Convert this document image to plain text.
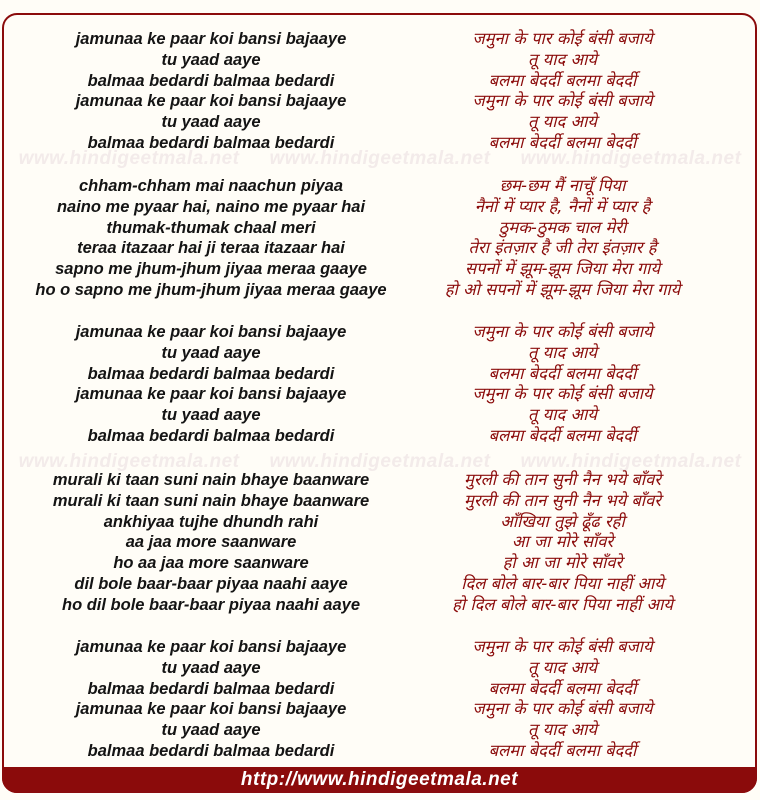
www.hindigeetmala.net www.hindigeetmala.net www.hindigeetmala.net
www.hindigeetmala.net www.hindigeetmala.net www.hindigeetmala.net
jamunaa ke paar koi bansi bajaaye
tu yaad aaye
balmaa bedardi balmaa bedardi
jamunaa ke paar koi bansi bajaaye
tu yaad aaye
balmaa bedardi balmaa bedardi
जमुना के पार कोई बंसी बजाये
तू याद आये
बलमा बेदर्दी बलमा बेदर्दी
जमुना के पार कोई बंसी बजाये
तू याद आये
बलमा बेदर्दी बलमा बेदर्दी
chham-chham mai naachun piyaa
naino me pyaar hai, naino me pyaar hai
thumak-thumak chaal meri
teraa itazaar hai ji teraa itazaar hai
sapno me jhum-jhum jiyaa meraa gaaye
ho o sapno me jhum-jhum jiyaa meraa gaaye
छम-छम मैं नाचूँ पिया
नैनों में प्यार है, नैनों में प्यार है
ठुमक-ठुमक चाल मेरी
तेरा इंतज़ार है जी तेरा इंतज़ार है
सपनों में झूम-झूम जिया मेरा गाये
हो ओ सपनों में झूम-झूम जिया मेरा गाये
jamunaa ke paar koi bansi bajaaye
tu yaad aaye
balmaa bedardi balmaa bedardi
jamunaa ke paar koi bansi bajaaye
tu yaad aaye
balmaa bedardi balmaa bedardi
जमुना के पार कोई बंसी बजाये
तू याद आये
बलमा बेदर्दी बलमा बेदर्दी
जमुना के पार कोई बंसी बजाये
तू याद आये
बलमा बेदर्दी बलमा बेदर्दी
murali ki taan suni nain bhaye baanware
murali ki taan suni nain bhaye baanware
ankhiyaa tujhe dhundh rahi
aa jaa more saanware
ho aa jaa more saanware
dil bole baar-baar piyaa naahi aaye
ho dil bole baar-baar piyaa naahi aaye
मुरली की तान सुनी नैन भये बाँवरे
मुरली की तान सुनी नैन भये बाँवरे
आँखिया तुझे ढूँढ रही
आ जा मोरे साँवरे
हो आ जा मोरे साँवरे
दिल बोले बार-बार पिया नाहीं आये
हो दिल बोले बार-बार पिया नाहीं आये
jamunaa ke paar koi bansi bajaaye
tu yaad aaye
balmaa bedardi balmaa bedardi
jamunaa ke paar koi bansi bajaaye
tu yaad aaye
balmaa bedardi balmaa bedardi
जमुना के पार कोई बंसी बजाये
तू याद आये
बलमा बेदर्दी बलमा बेदर्दी
जमुना के पार कोई बंसी बजाये
तू याद आये
बलमा बेदर्दी बलमा बेदर्दी
http://www.hindigeetmala.net
